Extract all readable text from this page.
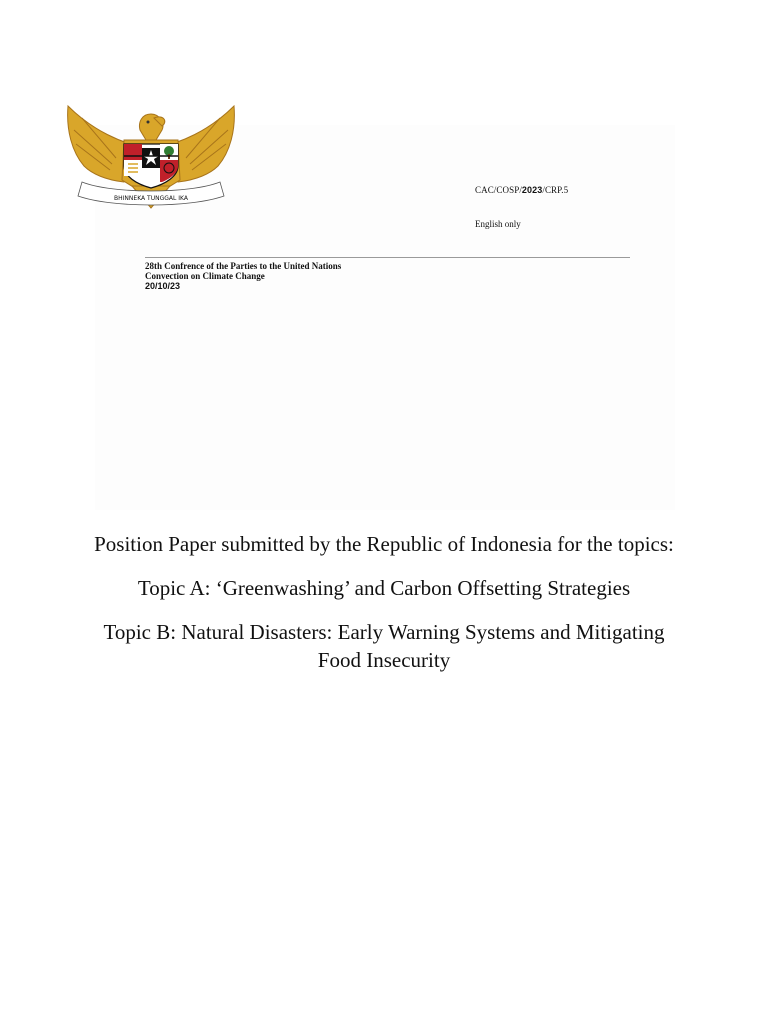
BHINNEKA TUNGGAL IKA
CAC/COSP/2023/CRP.5
English only
28th Confrence of the Parties to the United Nations
Convection on Climate Change
20/10/23

Position Paper submitted by the Republic of Indonesia for the topics:

Topic A: ‘Greenwashing’ and Carbon Offsetting Strategies

Topic B: Natural Disasters: Early Warning Systems and Mitigating Food Insecurity
